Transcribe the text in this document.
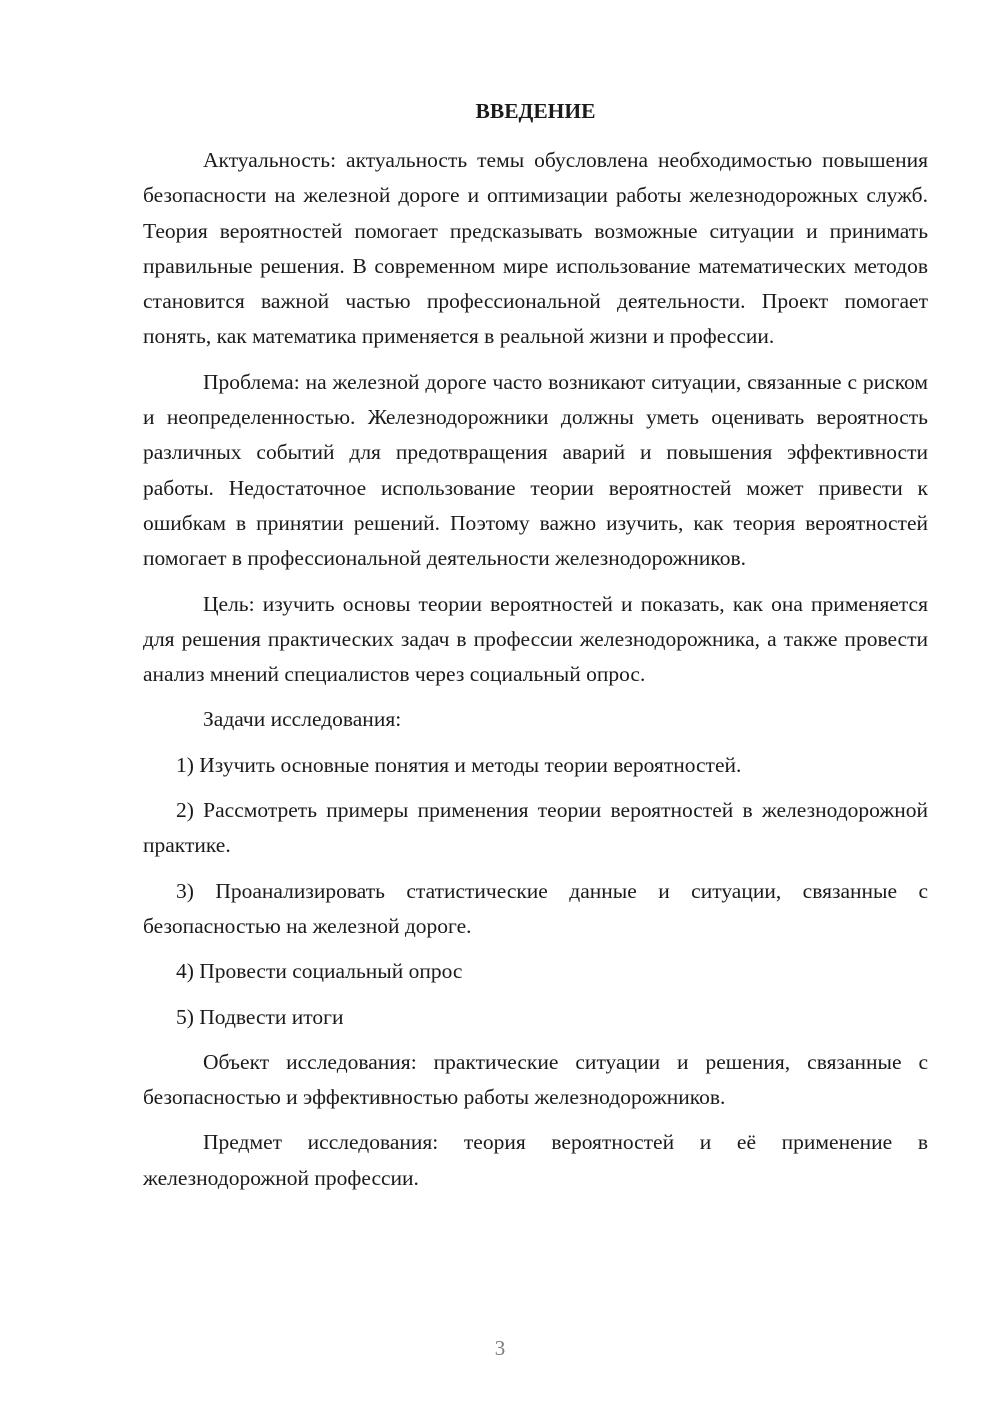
ВВЕДЕНИЕ

Актуальность: актуальность темы обусловлена необходимостью повышения безопасности на железной дороге и оптимизации работы железнодорожных служб. Теория вероятностей помогает предсказывать возможные ситуации и принимать правильные решения. В современном мире использование математических методов становится важной частью профессиональной деятельности. Проект помогает понять, как математика применяется в реальной жизни и профессии.

Проблема: на железной дороге часто возникают ситуации, связанные с риском и неопределенностью. Железнодорожники должны уметь оценивать вероятность различных событий для предотвращения аварий и повышения эффективности работы. Недостаточное использование теории вероятностей может привести к ошибкам в принятии решений. Поэтому важно изучить, как теория вероятностей помогает в профессиональной деятельности железнодорожников.

Цель: изучить основы теории вероятностей и показать, как она применяется для решения практических задач в профессии железнодорожника, а также провести анализ мнений специалистов через социальный опрос.

Задачи исследования:

1) Изучить основные понятия и методы теории вероятностей.

2) Рассмотреть примеры применения теории вероятностей в железнодорожной практике.

3) Проанализировать статистические данные и ситуации, связанные с безопасностью на железной дороге.

4) Провести социальный опрос

5) Подвести итоги

Объект исследования: практические ситуации и решения, связанные с безопасностью и эффективностью работы железнодорожников.

Предмет исследования: теория вероятностей и её применение в железнодорожной профессии.

3
